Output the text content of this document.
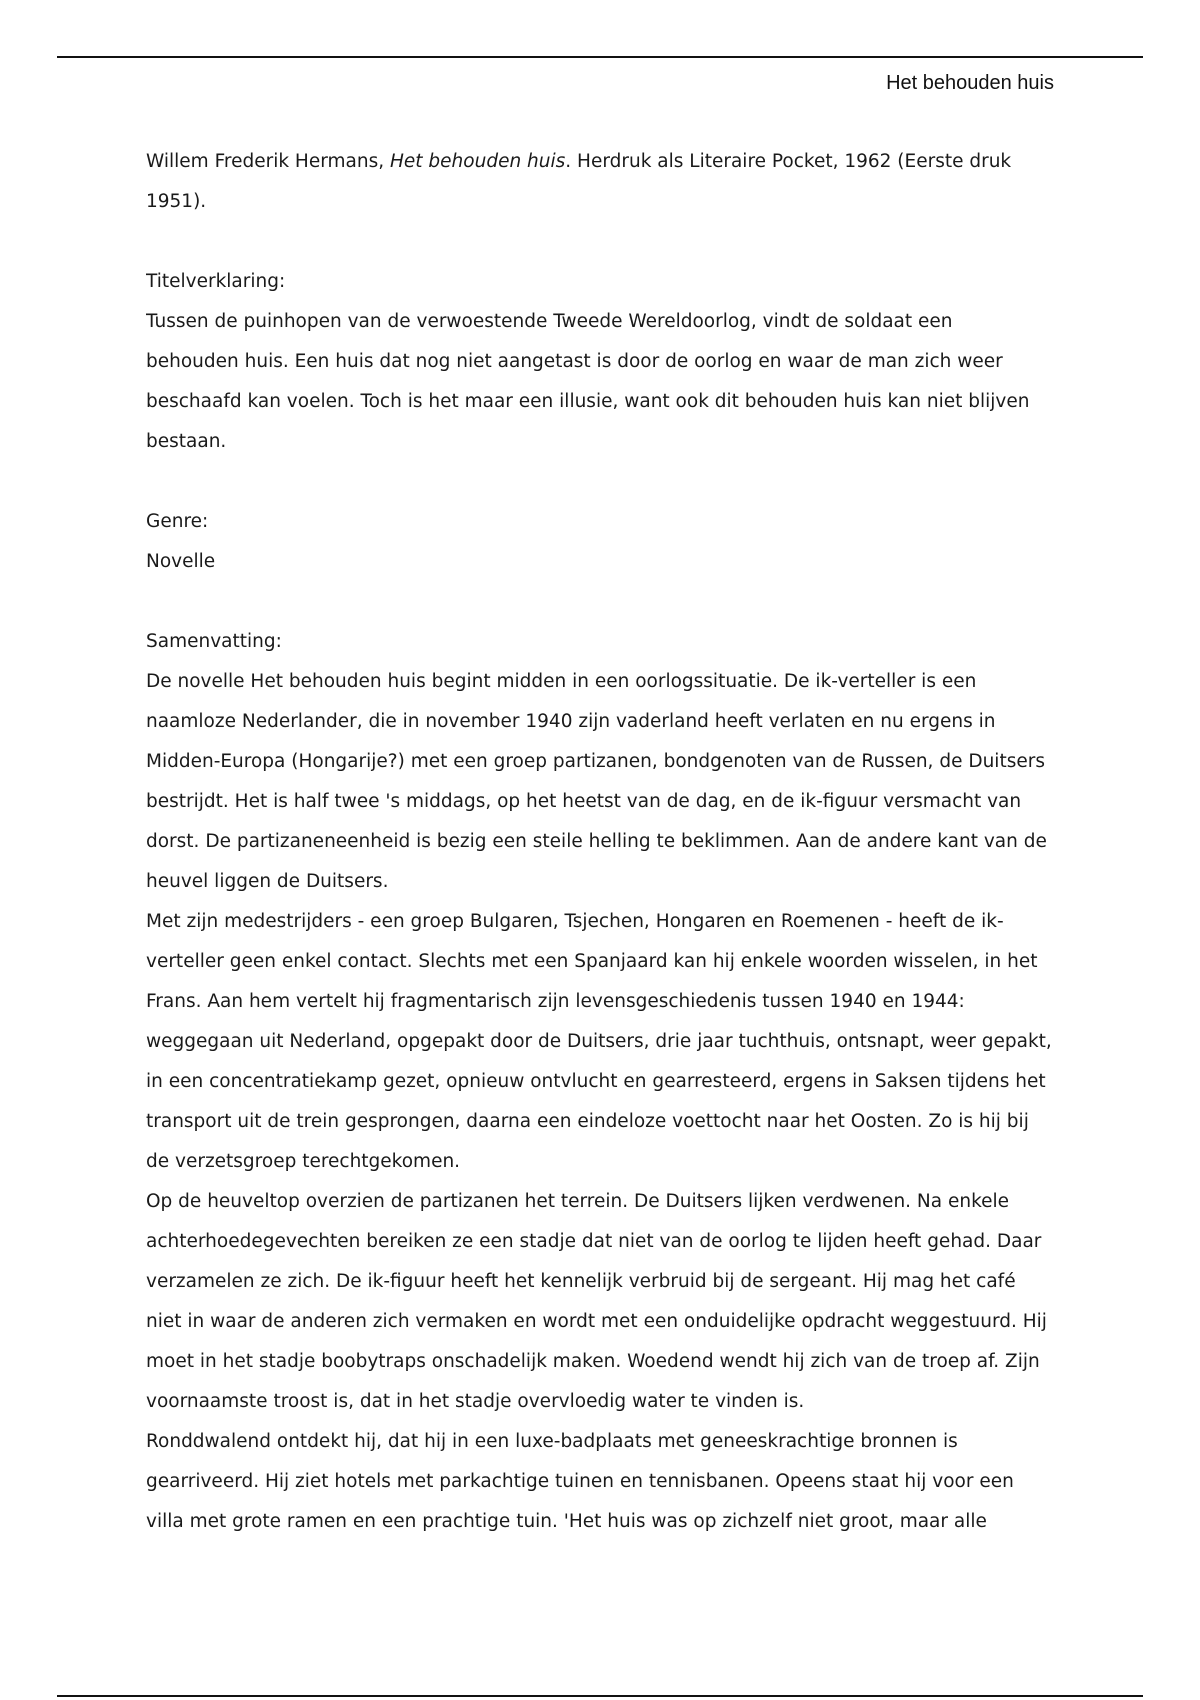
Het behouden huis
Willem Frederik Hermans, Het behouden huis. Herdruk als Literaire Pocket, 1962 (Eerste druk
1951).
Titelverklaring:
Tussen de puinhopen van de verwoestende Tweede Wereldoorlog, vindt de soldaat een
behouden huis. Een huis dat nog niet aangetast is door de oorlog en waar de man zich weer
beschaafd kan voelen. Toch is het maar een illusie, want ook dit behouden huis kan niet blijven
bestaan.
Genre:
Novelle
Samenvatting:
De novelle Het behouden huis begint midden in een oorlogssituatie. De ik-verteller is een
naamloze Nederlander, die in november 1940 zijn vaderland heeft verlaten en nu ergens in
Midden-Europa (Hongarije?) met een groep partizanen, bondgenoten van de Russen, de Duitsers
bestrijdt. Het is half twee 's middags, op het heetst van de dag, en de ik-figuur versmacht van
dorst. De partizaneneenheid is bezig een steile helling te beklimmen. Aan de andere kant van de
heuvel liggen de Duitsers.
Met zijn medestrijders - een groep Bulgaren, Tsjechen, Hongaren en Roemenen - heeft de ik-
verteller geen enkel contact. Slechts met een Spanjaard kan hij enkele woorden wisselen, in het
Frans. Aan hem vertelt hij fragmentarisch zijn levensgeschiedenis tussen 1940 en 1944:
weggegaan uit Nederland, opgepakt door de Duitsers, drie jaar tuchthuis, ontsnapt, weer gepakt,
in een concentratiekamp gezet, opnieuw ontvlucht en gearresteerd, ergens in Saksen tijdens het
transport uit de trein gesprongen, daarna een eindeloze voettocht naar het Oosten. Zo is hij bij
de verzetsgroep terechtgekomen.
Op de heuveltop overzien de partizanen het terrein. De Duitsers lijken verdwenen. Na enkele
achterhoedegevechten bereiken ze een stadje dat niet van de oorlog te lijden heeft gehad. Daar
verzamelen ze zich. De ik-figuur heeft het kennelijk verbruid bij de sergeant. Hij mag het café
niet in waar de anderen zich vermaken en wordt met een onduidelijke opdracht weggestuurd. Hij
moet in het stadje boobytraps onschadelijk maken. Woedend wendt hij zich van de troep af. Zijn
voornaamste troost is, dat in het stadje overvloedig water te vinden is.
Ronddwalend ontdekt hij, dat hij in een luxe-badplaats met geneeskrachtige bronnen is
gearriveerd. Hij ziet hotels met parkachtige tuinen en tennisbanen. Opeens staat hij voor een
villa met grote ramen en een prachtige tuin. 'Het huis was op zichzelf niet groot, maar alle
